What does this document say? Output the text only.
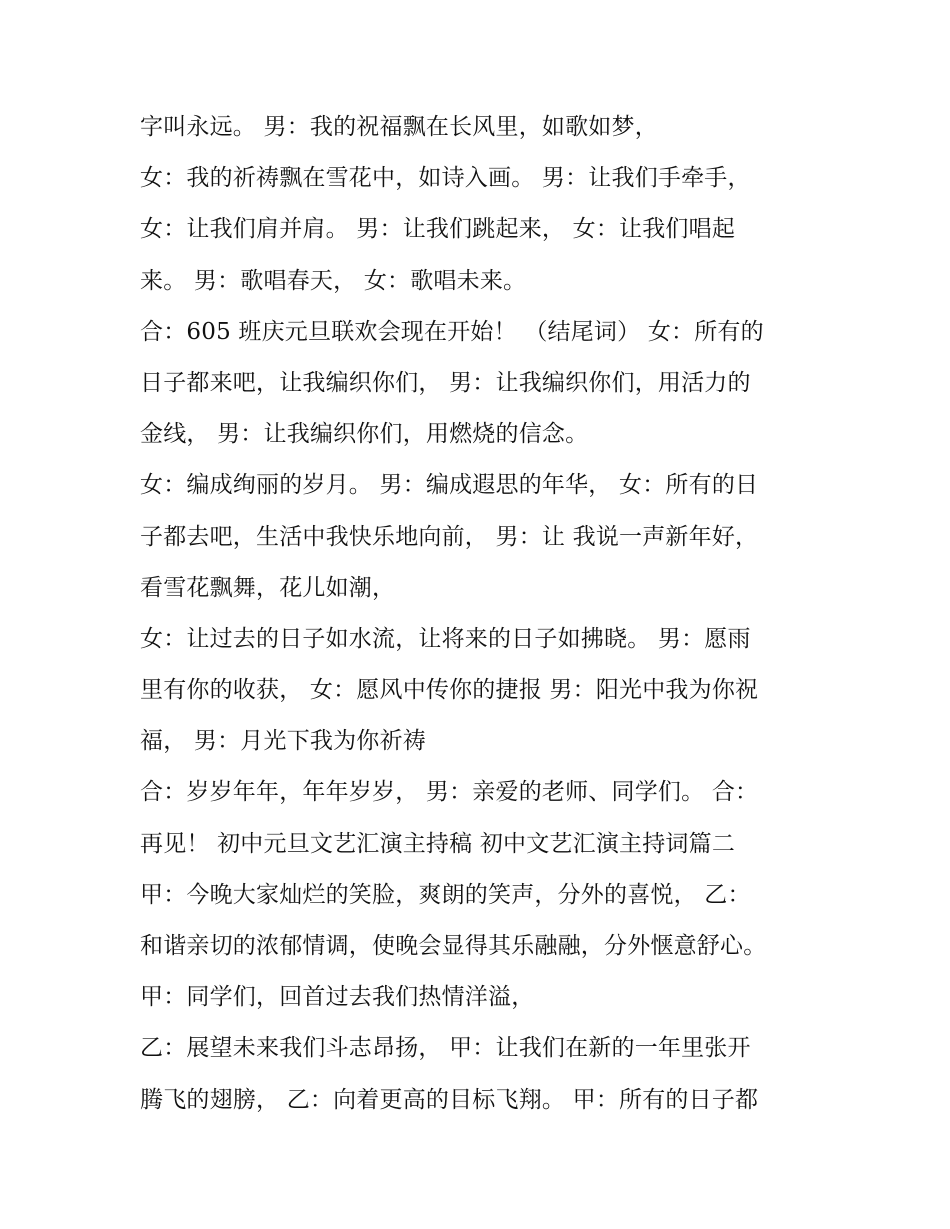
字叫永远。 男：我的祝福飘在长风里，如歌如梦，
女：我的祈祷飘在雪花中，如诗入画。 男：让我们手牵手，
女：让我们肩并肩。 男：让我们跳起来， 女：让我们唱起
来。 男：歌唱春天， 女：歌唱未来。
合：605 班庆元旦联欢会现在开始！ （结尾词） 女：所有的
日子都来吧，让我编织你们， 男：让我编织你们，用活力的
金线， 男：让我编织你们，用燃烧的信念。
女：编成绚丽的岁月。 男：编成遐思的年华， 女：所有的日
子都去吧，生活中我快乐地向前， 男：让 我说一声新年好，
看雪花飘舞，花儿如潮，
女：让过去的日子如水流，让将来的日子如拂晓。 男：愿雨
里有你的收获， 女：愿风中传你的捷报 男：阳光中我为你祝
福， 男：月光下我为你祈祷
合：岁岁年年，年年岁岁， 男：亲爱的老师、同学们。 合：
再见！ 初中元旦文艺汇演主持稿 初中文艺汇演主持词篇二
甲：今晚大家灿烂的笑脸，爽朗的笑声，分外的喜悦， 乙：
和谐亲切的浓郁情调，使晚会显得其乐融融，分外惬意舒心。
甲：同学们，回首过去我们热情洋溢，
乙：展望未来我们斗志昂扬， 甲：让我们在新的一年里张开
腾飞的翅膀， 乙：向着更高的目标飞翔。 甲：所有的日子都
